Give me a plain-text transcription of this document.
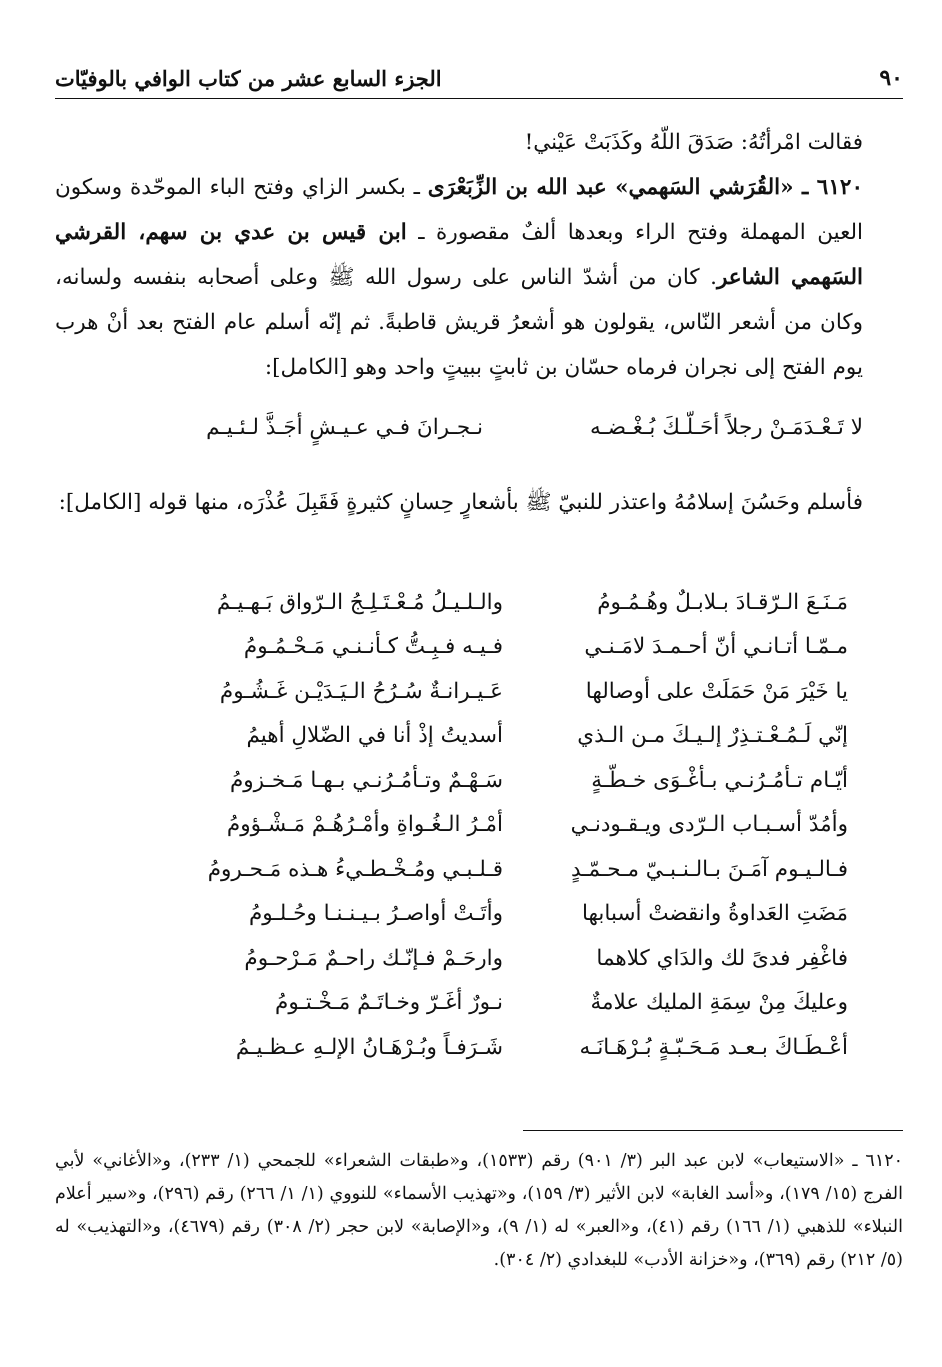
٩٠
الجزء السابع عشر من كتاب الوافي بالوفيّات

فقالت امْرأتُهُ: صَدَقَ اللّهُ وكَذَبَتْ عَيْني!

٦١٢٠ ـ «القُرَشي السَهمي» عبد الله بن الزِّبَعْرَى ـ بكسر الزاي وفتح الباء الموحّدة وسكون العين المهملة وفتح الراء وبعدها ألفٌ مقصورة ـ ابن قيس بن عدي بن سهم، القرشي السَهمي الشاعر. كان من أشدّ الناس على رسول الله ﷺ وعلى أصحابه بنفسه ولسانه، وكان من أشعر النّاس، يقولون هو أشعرُ قريش قاطبةً. ثم إنّه أسلم عام الفتح بعد أنْ هرب يوم الفتح إلى نجران فرماه حسّان بن ثابتٍ ببيتٍ واحد وهو [الكامل]:

لا تَـعْـدَمَـنْ رجلاً أحَـلّـكَ بُـغْـضـه
نـجـرانَ فـي عـيـشٍ أجَـذَّ لـئـيـم
فأسلم وحَسُنَ إسلامُهُ واعتذر للنبيّ ﷺ بأشعارٍ حِسانٍ كثيرةٍ فَقَبِلَ عُذْرَه، منها قوله [الكامل]:
مَـنَـعَ الـرّقـادَ بـلابـلٌ وهُـمُـومُ
والـلـيـلُ مُـعْـتَـلِـجُ الـرّواق بَـهـيـمُ
مـمّـا أتـانـي أنّ أحـمـدَ لامَـنـي
فـيـه فـبِـتُّ كـأنـنـي مَـحْـمُـومُ
يا خَيْرَ مَنْ حَمَلَتْ على أوصالها
عَـيـرانـةٌ سُـرُحُ الـيَـدَيْـن غَـشُـومُ
إنّي لَـمُـعْـتـذِرٌ إلـيـكَ مـن الـذي
أسديتُ إذْ أنا في الضّلالِ أهيمُ
أيّـام تـأمُـرُنـي بـأغْـوَى خـطّـةٍ
سَـهْـمٌ وتـأمُـرُنـي بـهـا مَـخـزومُ
وأمُدّ أسـبـاب الـرّدى ويـقـودنـي
أمْـرُ الـغُـواةِ وأمْـرُهُـمْ مَـشْـؤومُ
فـالـيـوم آمَـنَ بـالـنـبـيّ مـحـمّـدٍ
قـلـبـي ومُـخْـطـيءُ هـذه مَـحـرومُ
مَضَتِ العَداوةُ وانقضتْ أسبابها
وأتَـتْ أواصـرُ بـيـنـنـا وحُـلـومُ
فاغْفِر فدىً لك والدَاي كلاهما
وارحَـمْ فـإنّـك راحـمٌ مَـرْحـومُ
وعليكَ مِنْ سِمَةِ المليك علامةٌ
نـورٌ أغَـرّ وخـاتَـمٌ مَـخْـتـومُ
أعْـطَـاكَ بـعـد مَـحَـبّـةٍ بُـرْهَـانَـه
شَـرَفـاً وبُـرْهَـانُ الإلـهِ عـظـيـمُ
٦١٢٠ ـ «الاستيعاب» لابن عبد البر (٣/ ٩٠١) رقم (١٥٣٣)، و«طبقات الشعراء» للجمحي (١/ ٢٣٣)، و«الأغاني» لأبي الفرج (١٥/ ١٧٩)، و«أسد الغابة» لابن الأثير (٣/ ١٥٩)، و«تهذيب الأسماء» للنووي (١/ ١/ ٢٦٦) رقم (٢٩٦)، و«سير أعلام النبلاء» للذهبي (١/ ١٦٦) رقم (٤١)، و«العبر» له (١/ ٩)، و«الإصابة» لابن حجر (٢/ ٣٠٨) رقم (٤٦٧٩)، و«التهذيب» له (٥/ ٢١٢) رقم (٣٦٩)، و«خزانة الأدب» للبغدادي (٢/ ٣٠٤).
